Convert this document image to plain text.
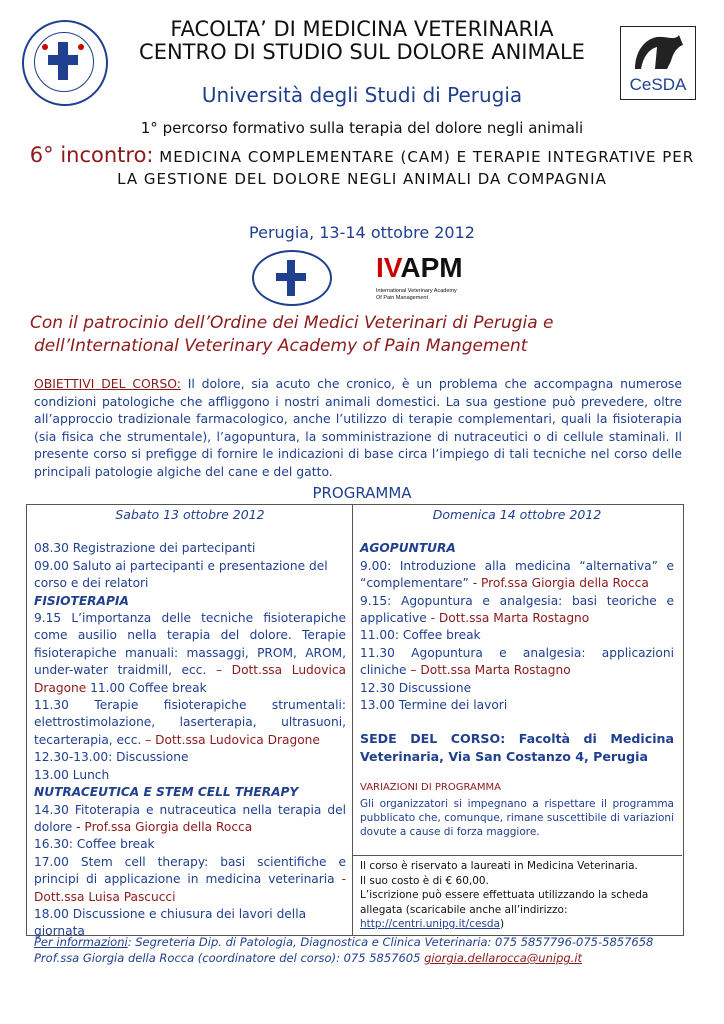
CeSDA
FACOLTA’ DI MEDICINA VETERINARIA
CENTRO DI STUDIO SUL DOLORE ANIMALE
Università degli Studi di Perugia
1° percorso formativo sulla terapia del dolore negli animali
6° incontro: MEDICINA COMPLEMENTARE (CAM) E TERAPIE INTEGRATIVE PER LA GESTIONE DEL DOLORE NEGLI ANIMALI DA COMPAGNIA
Perugia, 13-14 ottobre 2012
IVAPM
International Veterinary Academy Of Pain Management
Con il patrocinio dell’Ordine dei Medici Veterinari di Perugia e
dell’International Veterinary Academy of Pain Mangement
OBIETTIVI DEL CORSO: Il dolore, sia acuto che cronico, è un problema che accompagna numerose condizioni patologiche che affliggono i nostri animali domestici. La sua gestione può prevedere, oltre all’approccio tradizionale farmacologico, anche l’utilizzo di terapie complementari, quali la fisioterapia (sia fisica che strumentale), l’agopuntura, la somministrazione di nutraceutici o di cellule staminali. Il presente corso si prefigge di fornire le indicazioni di base circa l’impiego di tali tecniche nel corso delle principali patologie algiche del cane e del gatto.
PROGRAMMA
Sabato 13 ottobre 2012
08.30 Registrazione dei partecipanti
09.00 Saluto ai partecipanti e presentazione del corso e dei relatori
FISIOTERAPIA
9.15 L’importanza delle tecniche fisioterapiche come ausilio nella terapia del dolore. Terapie fisioterapiche manuali: massaggi, PROM, AROM, under-water traidmill, ecc. – Dott.ssa Ludovica Dragone 11.00 Coffee break
11.30 Terapie fisioterapiche strumentali: elettrostimolazione, laserterapia, ultrasuoni, tecarterapia, ecc. – Dott.ssa Ludovica Dragone
12.30-13.00: Discussione
13.00 Lunch
NUTRACEUTICA E STEM CELL THERAPY
14.30 Fitoterapia e nutraceutica nella terapia del dolore - Prof.ssa Giorgia della Rocca
16.30: Coffee break
17.00 Stem cell therapy: basi scientifiche e principi di applicazione in medicina veterinaria - Dott.ssa Luisa Pascucci
18.00 Discussione e chiusura dei lavori della giornata
Domenica 14 ottobre 2012
AGOPUNTURA
9.00: Introduzione alla medicina “alternativa” e “complementare” - Prof.ssa Giorgia della Rocca
9.15: Agopuntura e analgesia: basi teoriche e applicative - Dott.ssa Marta Rostagno
11.00: Coffee break
11.30 Agopuntura e analgesia: applicazioni cliniche – Dott.ssa Marta Rostagno
12.30 Discussione
13.00 Termine dei lavori
SEDE DEL CORSO: Facoltà di Medicina Veterinaria, Via San Costanzo 4, Perugia
VARIAZIONI DI PROGRAMMA
Gli organizzatori si impegnano a rispettare il programma pubblicato che, comunque, rimane suscettibile di variazioni dovute a cause di forza maggiore.
Il corso è riservato a laureati in Medicina Veterinaria.
Il suo costo è di € 60,00.
L’iscrizione può essere effettuata utilizzando la scheda allegata (scaricabile anche all’indirizzo:
http://centri.unipg.it/cesda)
Per informazioni: Segreteria Dip. di Patologia, Diagnostica e Clinica Veterinaria: 075 5857796-075-5857658
Prof.ssa Giorgia della Rocca (coordinatore del corso): 075 5857605 giorgia.dellarocca@unipg.it
